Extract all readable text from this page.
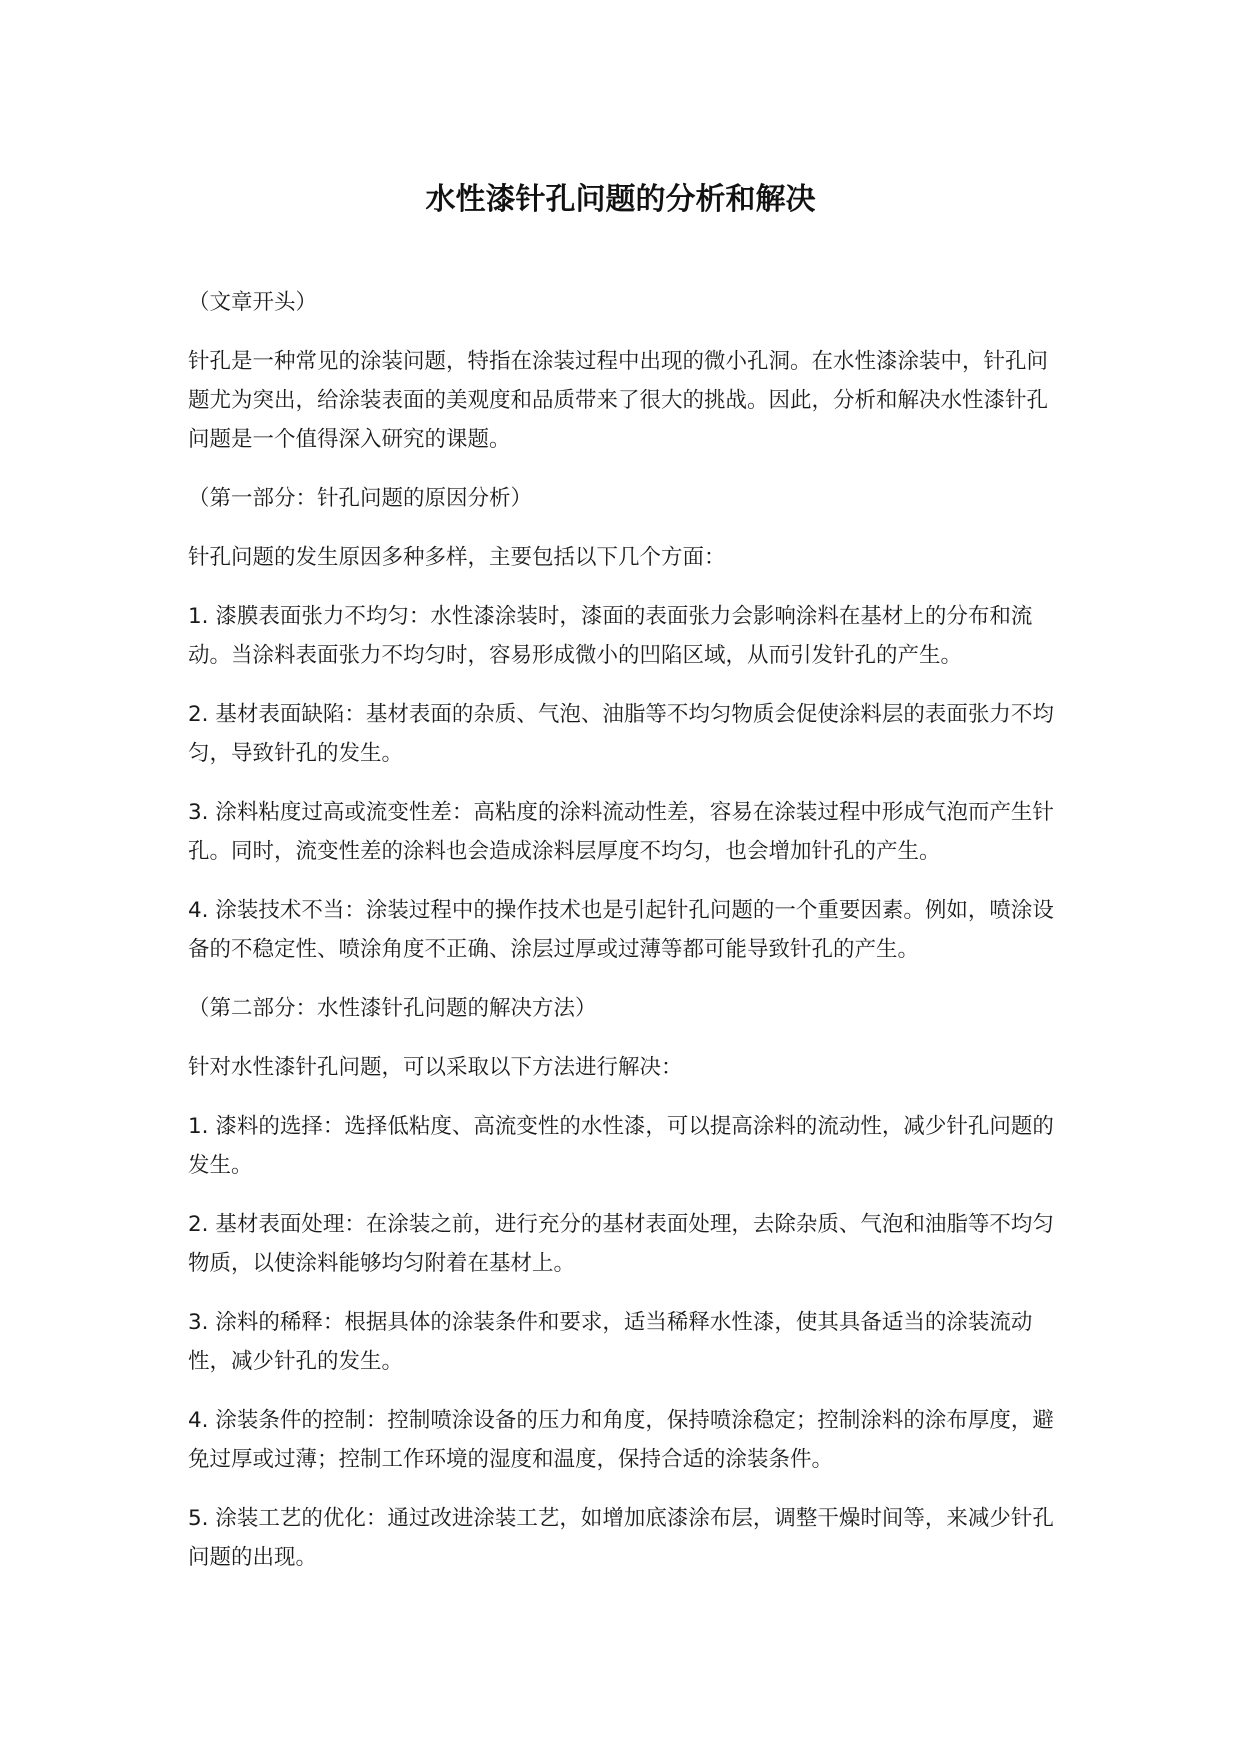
水性漆针孔问题的分析和解决

（文章开头）

针孔是一种常见的涂装问题，特指在涂装过程中出现的微小孔洞。在水性漆涂装中，针孔问题尤为突出，给涂装表面的美观度和品质带来了很大的挑战。因此，分析和解决水性漆针孔问题是一个值得深入研究的课题。

（第一部分：针孔问题的原因分析）

针孔问题的发生原因多种多样，主要包括以下几个方面：

1. 漆膜表面张力不均匀：水性漆涂装时，漆面的表面张力会影响涂料在基材上的分布和流动。当涂料表面张力不均匀时，容易形成微小的凹陷区域，从而引发针孔的产生。

2. 基材表面缺陷：基材表面的杂质、气泡、油脂等不均匀物质会促使涂料层的表面张力不均匀，导致针孔的发生。

3. 涂料粘度过高或流变性差：高粘度的涂料流动性差，容易在涂装过程中形成气泡而产生针孔。同时，流变性差的涂料也会造成涂料层厚度不均匀，也会增加针孔的产生。

4. 涂装技术不当：涂装过程中的操作技术也是引起针孔问题的一个重要因素。例如，喷涂设备的不稳定性、喷涂角度不正确、涂层过厚或过薄等都可能导致针孔的产生。

（第二部分：水性漆针孔问题的解决方法）

针对水性漆针孔问题，可以采取以下方法进行解决：

1. 漆料的选择：选择低粘度、高流变性的水性漆，可以提高涂料的流动性，减少针孔问题的发生。

2. 基材表面处理：在涂装之前，进行充分的基材表面处理，去除杂质、气泡和油脂等不均匀物质，以使涂料能够均匀附着在基材上。

3. 涂料的稀释：根据具体的涂装条件和要求，适当稀释水性漆，使其具备适当的涂装流动性，减少针孔的发生。

4. 涂装条件的控制：控制喷涂设备的压力和角度，保持喷涂稳定；控制涂料的涂布厚度，避免过厚或过薄；控制工作环境的湿度和温度，保持合适的涂装条件。

5. 涂装工艺的优化：通过改进涂装工艺，如增加底漆涂布层，调整干燥时间等，来减少针孔问题的出现。
